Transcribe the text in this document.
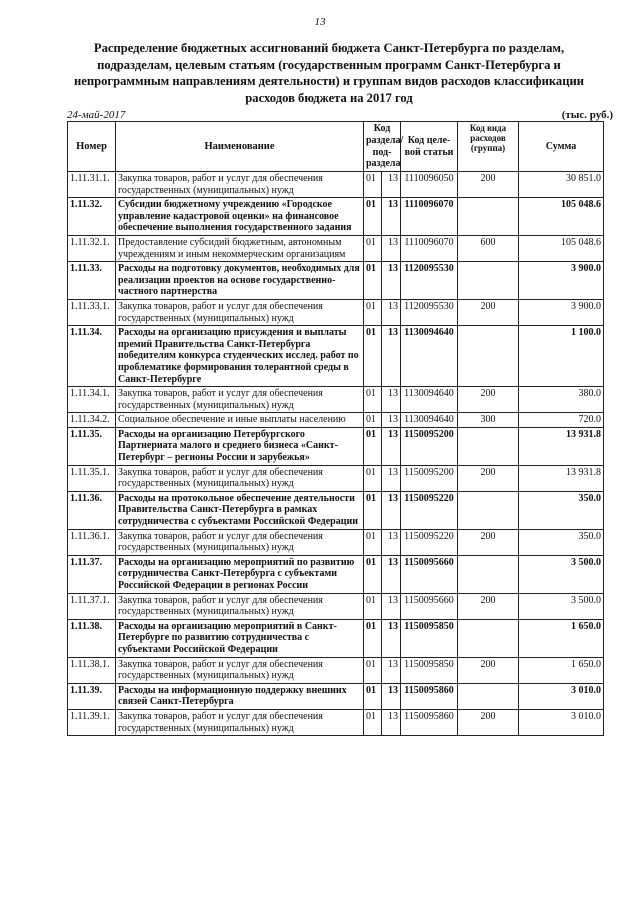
13
Распределение бюджетных ассигнований бюджета Санкт-Петербурга по разделам, подразделам, целевым статьям (государственным программ Санкт-Петербурга и непрограммным направлениям деятельности) и группам видов расходов классификации расходов бюджета на 2017 год
24-май-2017	(тыс. руб.)
Номер	Наименование	Код раздела/ под- раздела		Код целе- вой статьи	Код вида расходов (группа)	Сумма
1.11.31.1.	Закупка товаров, работ и услуг для обеспечения государственных (муниципальных) нужд	01	13	1110096050	200	30 851.0
1.11.32.	Субсидии бюджетному учреждению «Городское управление кадастровой оценки» на финансовое обеспечение выполнения государственного задания	01	13	1110096070		105 048.6
1.11.32.1.	Предоставление субсидий бюджетным, автономным учреждениям и иным некоммерческим организациям	01	13	1110096070	600	105 048.6
1.11.33.	Расходы на подготовку документов, необходимых для реализации проектов на основе государственно-частного партнерства	01	13	1120095530		3 900.0
1.11.33.1.	Закупка товаров, работ и услуг для обеспечения государственных (муниципальных) нужд	01	13	1120095530	200	3 900.0
1.11.34.	Расходы на организацию присуждения и выплаты премий Правительства Санкт-Петербурга победителям конкурса студенческих исслед. работ по проблематике формирования толерантной среды в Санкт-Петербурге	01	13	1130094640		1 100.0
1.11.34.1.	Закупка товаров, работ и услуг для обеспечения государственных (муниципальных) нужд	01	13	1130094640	200	380.0
1.11.34.2.	Социальное обеспечение и иные выплаты населению	01	13	1130094640	300	720.0
1.11.35.	Расходы на организацию Петербургского Партнериата малого и среднего бизнеса «Санкт-Петербург – регионы России и зарубежья»	01	13	1150095200		13 931.8
1.11.35.1.	Закупка товаров, работ и услуг для обеспечения государственных (муниципальных) нужд	01	13	1150095200	200	13 931.8
1.11.36.	Расходы на протокольное обеспечение деятельности Правительства Санкт-Петербурга в рамках сотрудничества с субъектами Российской Федерации	01	13	1150095220		350.0
1.11.36.1.	Закупка товаров, работ и услуг для обеспечения государственных (муниципальных) нужд	01	13	1150095220	200	350.0
1.11.37.	Расходы на организацию мероприятий по развитию сотрудничества Санкт-Петербурга с субъектами Российской Федерации в регионах России	01	13	1150095660		3 500.0
1.11.37.1.	Закупка товаров, работ и услуг для обеспечения государственных (муниципальных) нужд	01	13	1150095660	200	3 500.0
1.11.38.	Расходы на организацию мероприятий в Санкт-Петербурге по развитию сотрудничества с субъектами Российской Федерации	01	13	1150095850		1 650.0
1.11.38.1.	Закупка товаров, работ и услуг для обеспечения государственных (муниципальных) нужд	01	13	1150095850	200	1 650.0
1.11.39.	Расходы на информационную поддержку внешних связей Санкт-Петербурга	01	13	1150095860		3 010.0
1.11.39.1.	Закупка товаров, работ и услуг для обеспечения государственных (муниципальных) нужд	01	13	1150095860	200	3 010.0
